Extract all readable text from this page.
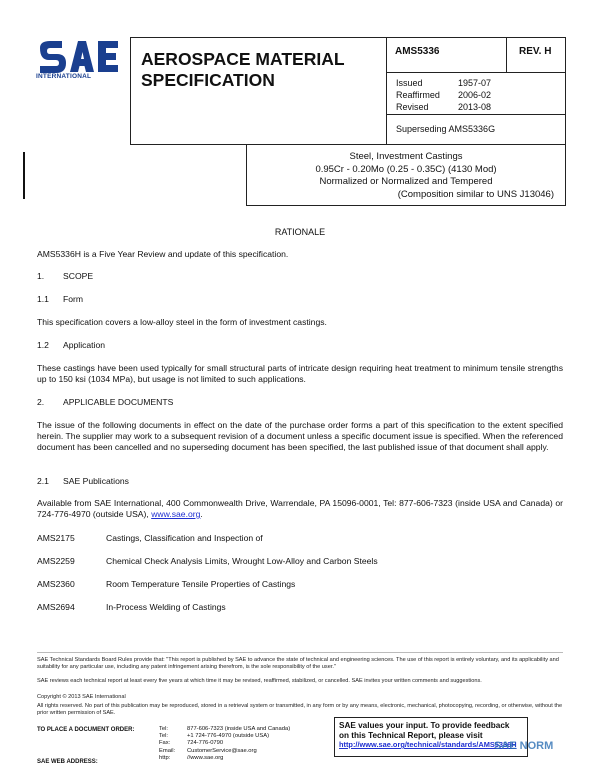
INTERNATIONAL
AEROSPACE MATERIAL
SPECIFICATION
AMS5336	REV. H
Issued	1957-07
Reaffirmed 2006-02
Revised	2013-08
Superseding AMS5336G
Steel, Investment Castings
0.95Cr - 0.20Mo (0.25 - 0.35C) (4130 Mod)
Normalized or Normalized and Tempered
(Composition similar to UNS J13046)
RATIONALE
AMS5336H is a Five Year Review and update of this specification.
1. SCOPE
1.1 Form
This specification covers a low-alloy steel in the form of investment castings.
1.2 Application
These castings have been used typically for small structural parts of intricate design requiring heat treatment to minimum tensile strengths up to 150 ksi (1034 MPa), but usage is not limited to such applications.
2. APPLICABLE DOCUMENTS
The issue of the following documents in effect on the date of the purchase order forms a part of this specification to the extent specified herein. The supplier may work to a subsequent revision of a document unless a specific document issue is specified. When the referenced document has been cancelled and no superseding document has been specified, the last published issue of that document shall apply.
2.1 SAE Publications
Available from SAE International, 400 Commonwealth Drive, Warrendale, PA 15096-0001, Tel: 877-606-7323 (inside USA and Canada) or 724-776-4970 (outside USA), www.sae.org.
AMS2175	Castings, Classification and Inspection of
AMS2259	Chemical Check Analysis Limits, Wrought Low-Alloy and Carbon Steels
AMS2360	Room Temperature Tensile Properties of Castings
AMS2694	In-Process Welding of Castings
SAE Technical Standards Board Rules provide that: "This report is published by SAE to advance the state of technical and engineering sciences. The use of this report is entirely voluntary, and its applicability and suitability for any particular use, including any patent infringement arising therefrom, is the sole responsibility of the user."
SAE reviews each technical report at least every five years at which time it may be revised, reaffirmed, stabilized, or cancelled. SAE invites your written comments and suggestions.
Copyright © 2013 SAE International
All rights reserved. No part of this publication may be reproduced, stored in a retrieval system or transmitted, in any form or by any means, electronic, mechanical, photocopying, recording, or otherwise, without the prior written permission of SAE.
TO PLACE A DOCUMENT ORDER:	Tel:	877-606-7323 (inside USA and Canada)
Tel:	+1 724-776-4970 (outside USA)
Fax:	724-776-0790
Email: CustomerService@sae.org
http:	//www.sae.org
SAE WEB ADDRESS:
SAE values your input. To provide feedback
on this Technical Report, please visit
http://www.sae.org/technical/standards/AMS5336H
SAE NORM
